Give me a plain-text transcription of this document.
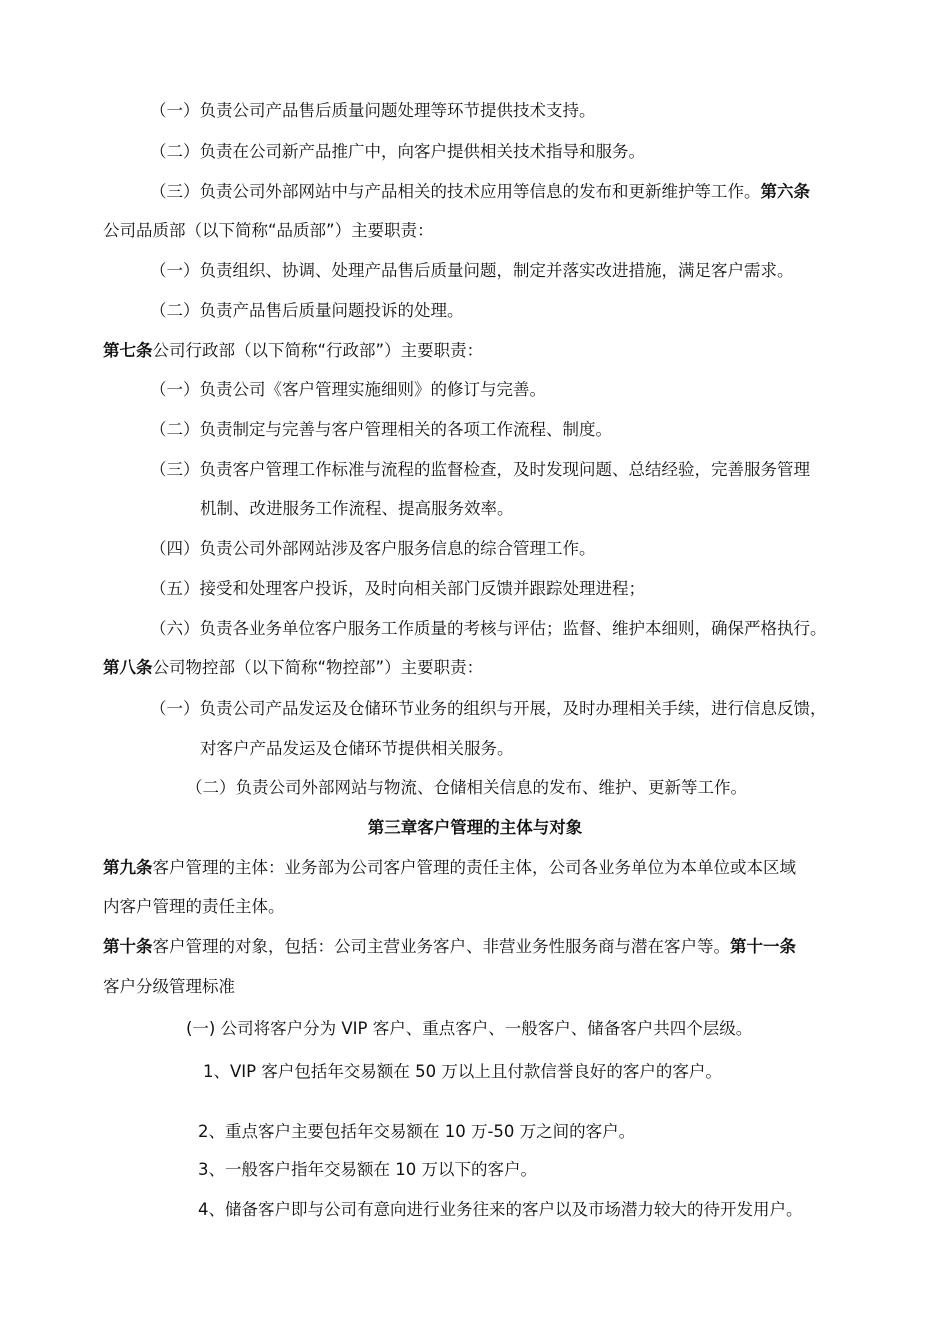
（一）负责公司产品售后质量问题处理等环节提供技术支持。
（二）负责在公司新产品推广中，向客户提供相关技术指导和服务。
（三）负责公司外部网站中与产品相关的技术应用等信息的发布和更新维护等工作。第六条
公司品质部（以下简称“品质部”）主要职责：
（一）负责组织、协调、处理产品售后质量问题，制定并落实改进措施，满足客户需求。
（二）负责产品售后质量问题投诉的处理。
第七条公司行政部（以下简称“行政部”）主要职责：
（一）负责公司《客户管理实施细则》的修订与完善。
（二）负责制定与完善与客户管理相关的各项工作流程、制度。
（三）负责客户管理工作标准与流程的监督检查，及时发现问题、总结经验，完善服务管理
机制、改进服务工作流程、提高服务效率。
（四）负责公司外部网站涉及客户服务信息的综合管理工作。
（五）接受和处理客户投诉，及时向相关部门反馈并跟踪处理进程；
（六）负责各业务单位客户服务工作质量的考核与评估；监督、维护本细则，确保严格执行。
第八条公司物控部（以下简称“物控部”）主要职责：
（一）负责公司产品发运及仓储环节业务的组织与开展，及时办理相关手续，进行信息反馈，
对客户产品发运及仓储环节提供相关服务。
（二）负责公司外部网站与物流、仓储相关信息的发布、维护、更新等工作。
第三章客户管理的主体与对象
第九条客户管理的主体：业务部为公司客户管理的责任主体，公司各业务单位为本单位或本区域
内客户管理的责任主体。
第十条客户管理的对象，包括：公司主营业务客户、非营业务性服务商与潜在客户等。第十一条
客户分级管理标准
(一) 公司将客户分为 VIP 客户、重点客户、一般客户、储备客户共四个层级。
1、VIP 客户包括年交易额在 50 万以上且付款信誉良好的客户的客户。
2、重点客户主要包括年交易额在 10 万-50 万之间的客户。
3、一般客户指年交易额在 10 万以下的客户。
4、储备客户即与公司有意向进行业务往来的客户以及市场潜力较大的待开发用户。
